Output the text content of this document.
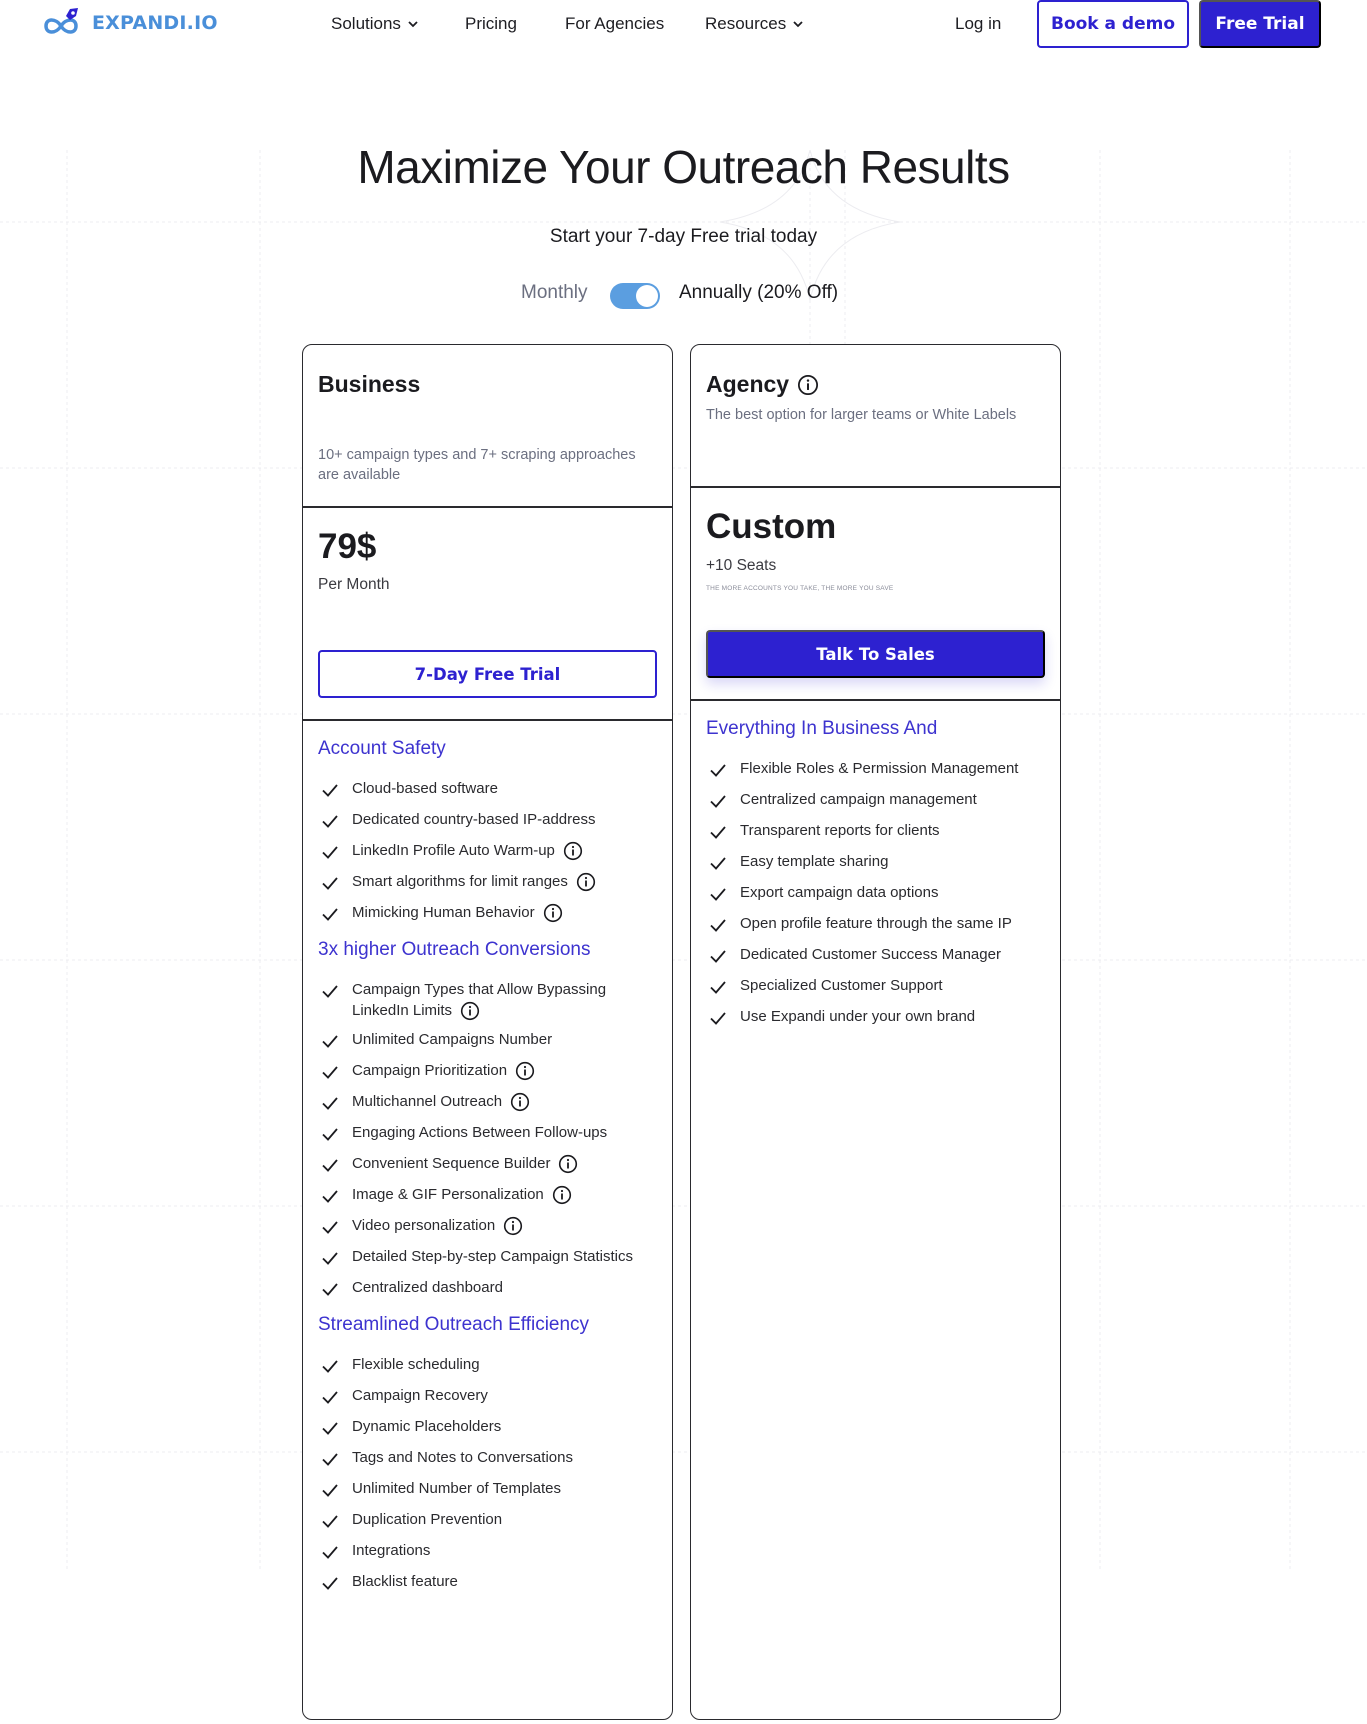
EXPANDI.IO	Solutions	Pricing	For Agencies Resources	Log in	Book a demo	Free Trial
Maximize Your Outreach Results
Start your 7-day Free trial today
Monthly	Annually (20% Off)
Business
10+ campaign types and 7+ scraping approaches are available
79$
Per Month
7-Day Free Trial
Account Safety
Cloud-based software
Dedicated country-based IP-address
LinkedIn Profile Auto Warm-up
Smart algorithms for limit ranges
Mimicking Human Behavior
3x higher Outreach Conversions
Campaign Types that Allow Bypassing LinkedIn Limits
Unlimited Campaigns Number
Campaign Prioritization
Multichannel Outreach
Engaging Actions Between Follow-ups
Convenient Sequence Builder
Image & GIF Personalization
Video personalization
Detailed Step-by-step Campaign Statistics
Centralized dashboard
Streamlined Outreach Efficiency
Flexible scheduling
Campaign Recovery
Dynamic Placeholders
Tags and Notes to Conversations
Unlimited Number of Templates
Duplication Prevention
Integrations
Blacklist feature
Agency
The best option for larger teams or White Labels
Custom
+10 Seats
THE MORE ACCOUNTS YOU TAKE, THE MORE YOU SAVE
Talk To Sales
Everything In Business And
Flexible Roles & Permission Management
Centralized campaign management
Transparent reports for clients
Easy template sharing
Export campaign data options
Open profile feature through the same IP
Dedicated Customer Success Manager
Specialized Customer Support
Use Expandi under your own brand
